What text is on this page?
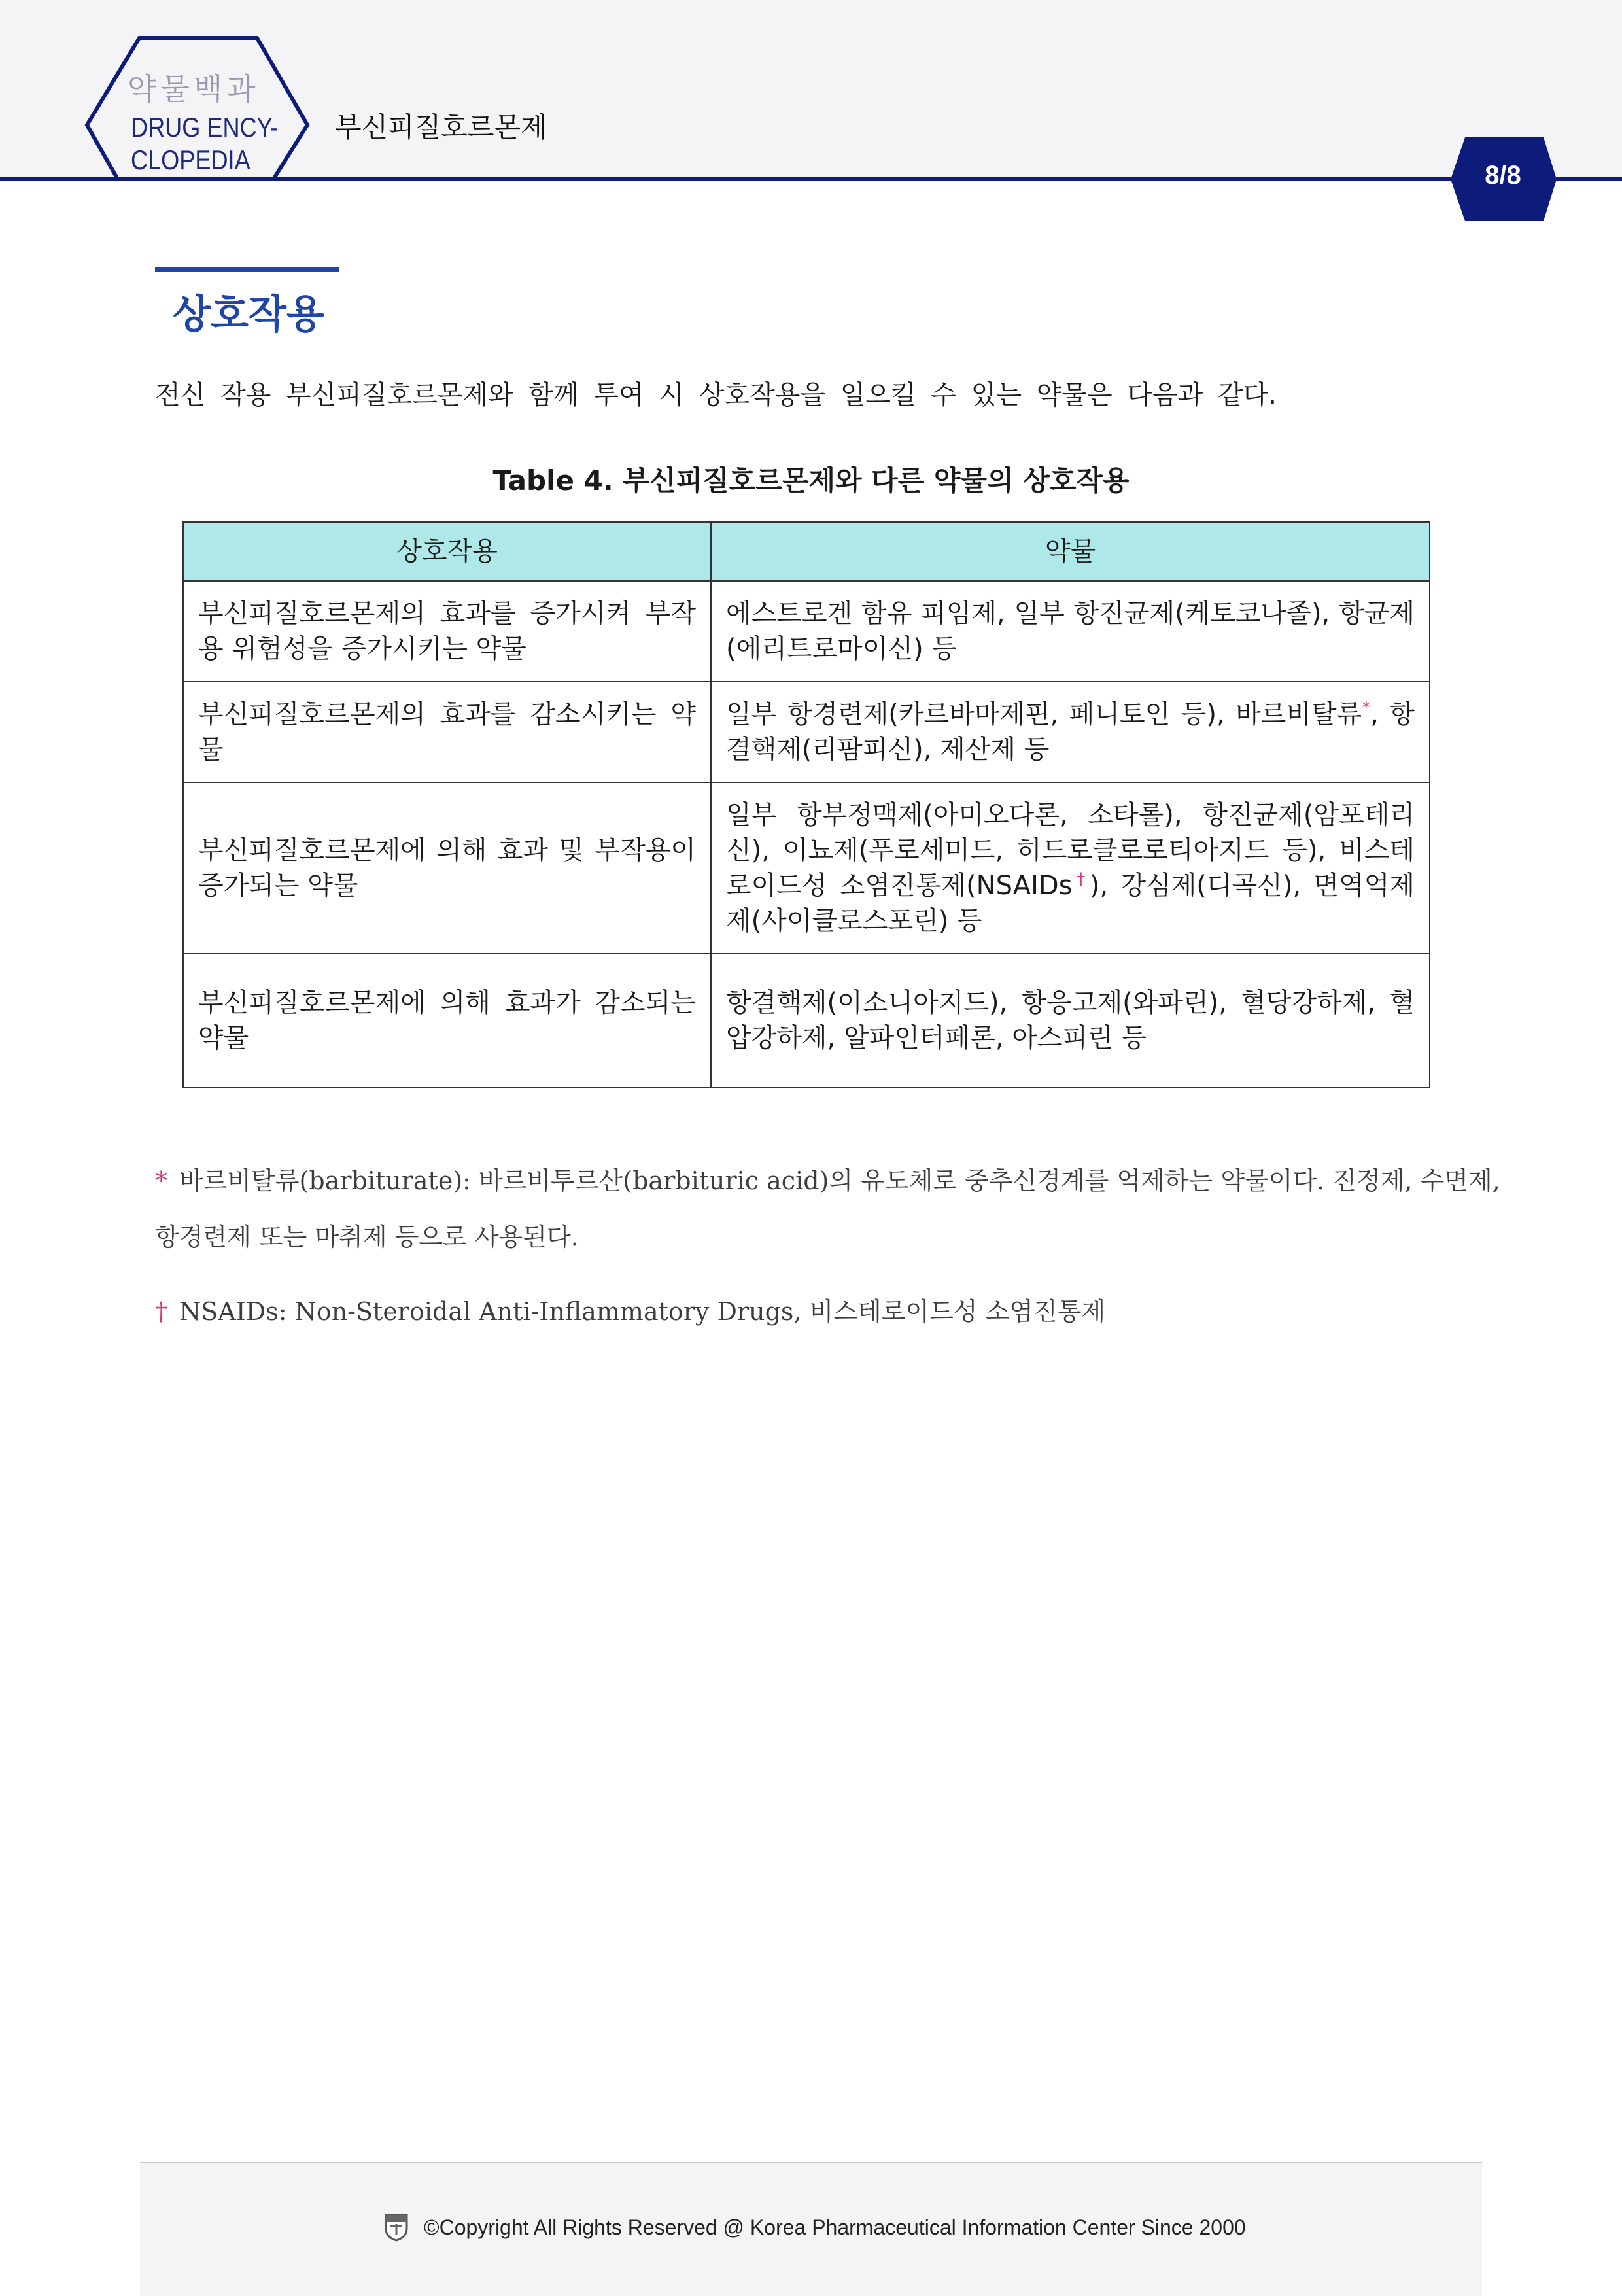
약물백과
DRUG ENCY-
CLOPEDIA
부신피질호르몬제
8/8
상호작용
전신 작용 부신피질호르몬제와 함께 투여 시 상호작용을 일으킬 수 있는 약물은 다음과 같다.
Table 4. 부신피질호르몬제와 다른 약물의 상호작용
상호작용	약물
부신피질호르몬제의 효과를 증가시켜 부작용 위험성을 증가시키는 약물	에스트로겐 함유 피임제, 일부 항진균제(케토코나졸), 항균제(에리트로마이신) 등
부신피질호르몬제의 효과를 감소시키는 약물	일부 항경련제(카르바마제핀, 페니토인 등), 바르비탈류*, 항결핵제(리팜피신), 제산제 등
부신피질호르몬제에 의해 효과 및 부작용이 증가되는 약물	일부 항부정맥제(아미오다론, 소타롤), 항진균제(암포테리신), 이뇨제(푸로세미드, 히드로클로로티아지드 등), 비스테로이드성 소염진통제(NSAIDs†), 강심제(디곡신), 면역억제제(사이클로스포린) 등
부신피질호르몬제에 의해 효과가 감소되는 약물	항결핵제(이소니아지드), 항응고제(와파린), 혈당강하제, 혈압강하제, 알파인터페론, 아스피린 등
* 바르비탈류(barbiturate): 바르비투르산(barbituric acid)의 유도체로 중추신경계를 억제하는 약물이다. 진정제, 수면제,
항경련제 또는 마취제 등으로 사용된다.
† NSAIDs: Non-Steroidal Anti-Inflammatory Drugs, 비스테로이드성 소염진통제
©Copyright All Rights Reserved @ Korea Pharmaceutical Information Center Since 2000
